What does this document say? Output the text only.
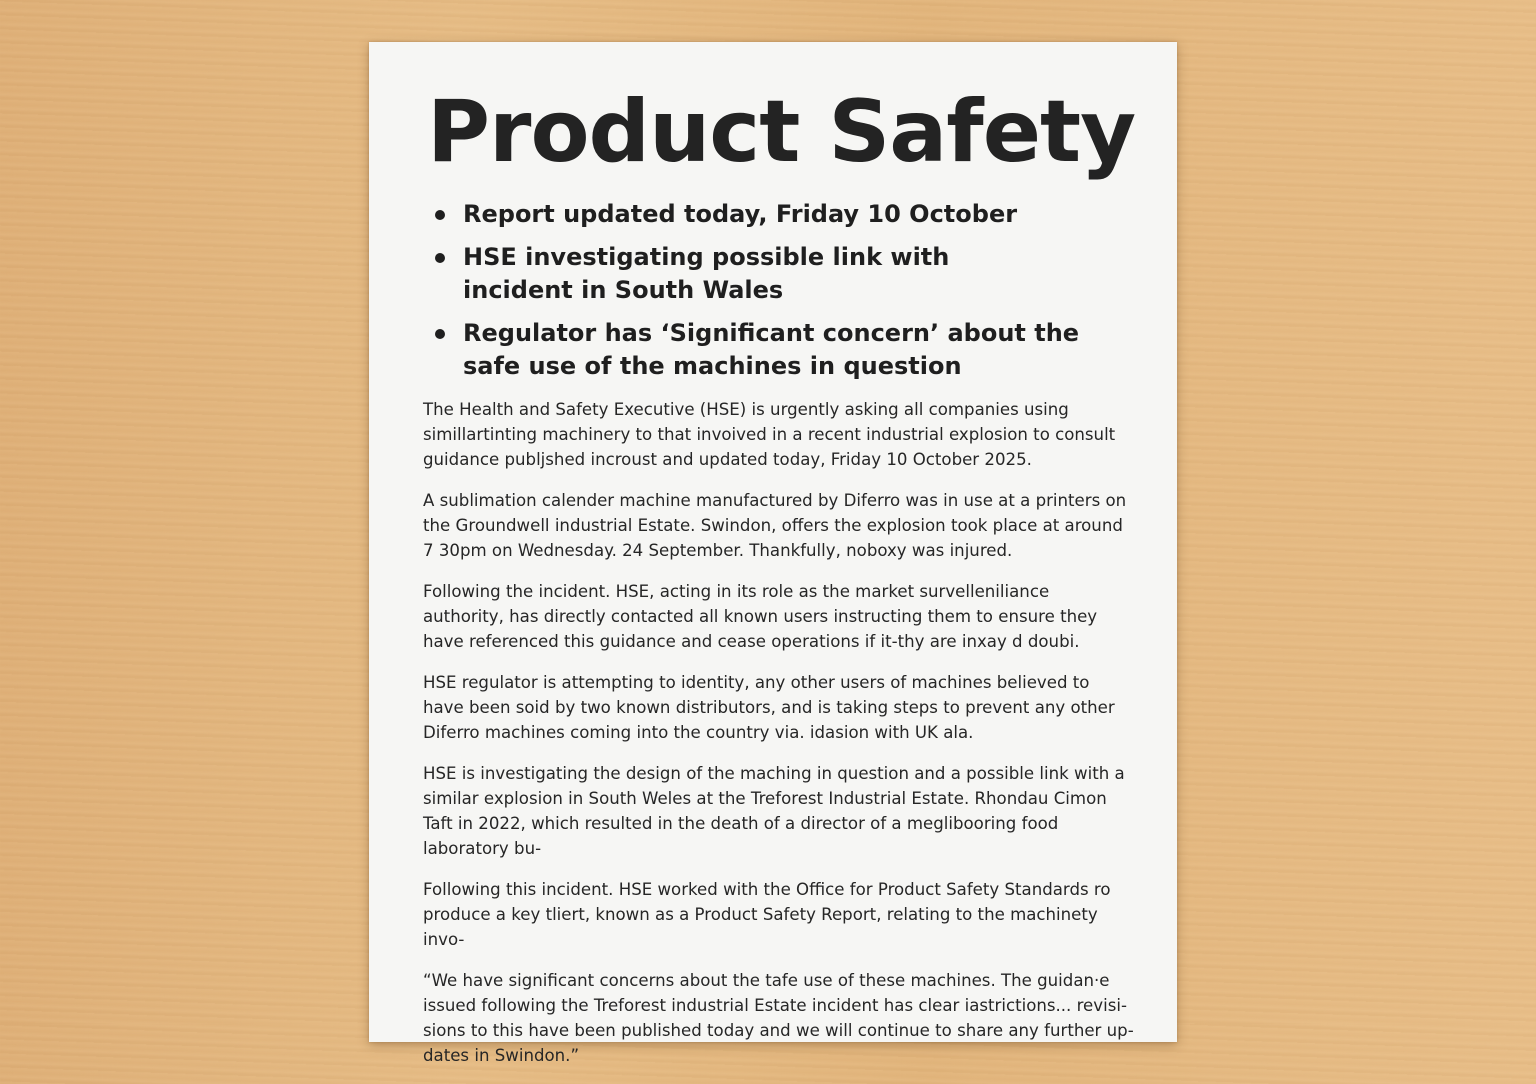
Product Safety
Report updated today, Friday 10 October
HSE investigating possible link with incident in South Wales
Regulator has ‘Significant concern’ about the safe use of the machines in question

The Health and Safety Executive (HSE) is urgently asking all companies using simillartinting machinery to that invoived in a recent industrial explosion to consult guidance publjshed incroust and updated today, Friday 10 October 2025.

A sublimation calender machine manufactured by Diferro was in use at a printers on the Groundwell industrial Estate. Swindon, offers the explosion took place at around 7 30pm on Wednesday. 24 September. Thankfully, noboxy was injured.

Following the incident. HSE, acting in its role as the market survelleniliance authority, has directly contacted all known users instructing them to ensure they have referenced this guidance and cease operations if it-thy are inxay d doubi.

HSE regulator is attempting to identity, any other users of machines believed to have been soid by two known distributors, and is taking steps to prevent any other Diferro machines coming into the country via. idasion with UK ala.

HSE is investigating the design of the maching in question and a possible link with a similar explosion in South Weles at the Treforest Industrial Estate. Rhondau Cimon Taft in 2022, which resulted in the death of a director of a meglibooring food laboratory bu-

Following this incident. HSE worked with the Office for Product Safety Standards ro produce a key tliert, known as a Product Safety Report, relating to the machinety invo-

“We have significant concerns about the tafe use of these machines. The guidan·e issued following the Treforest industrial Estate incident has clear iastrictions... revisisions to this have been published today and we will continue to share any further updates in Swindon.”
